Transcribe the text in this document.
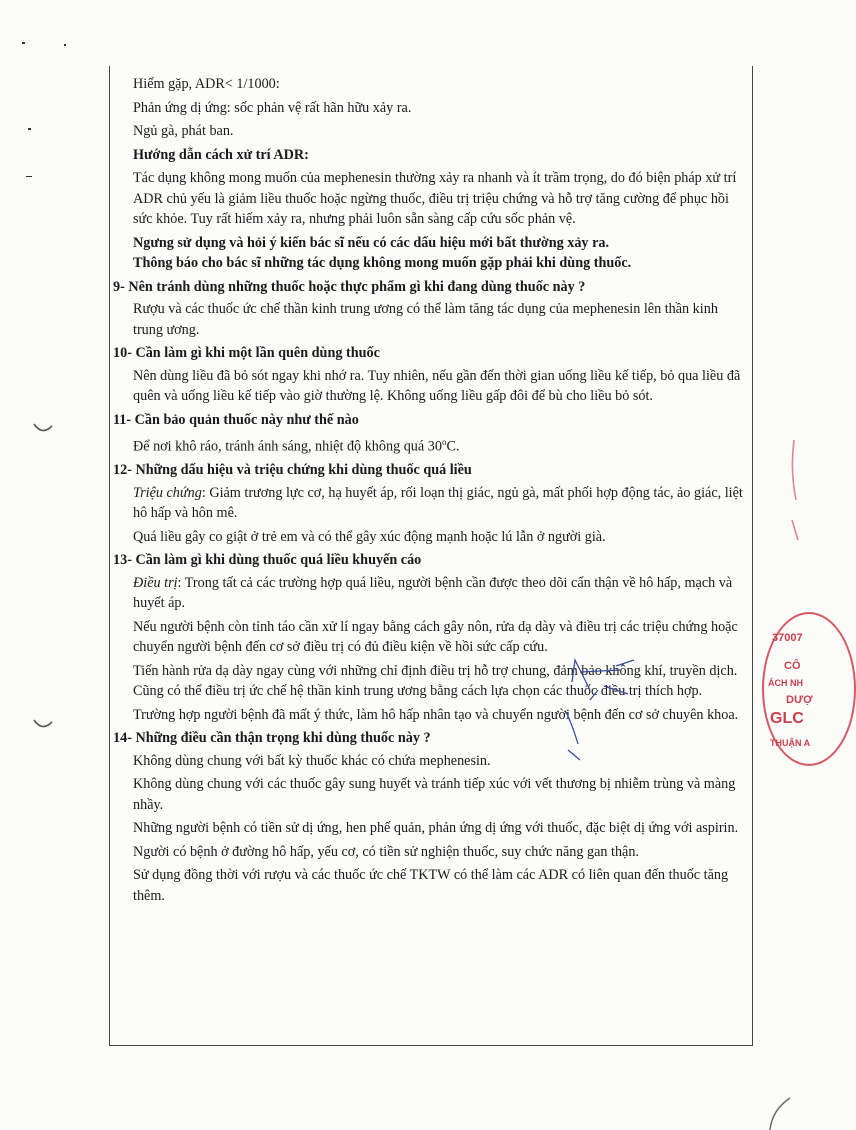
Hiếm gặp, ADR< 1/1000:
Phản ứng dị ứng: sốc phản vệ rất hãn hữu xảy ra.
Ngủ gà, phát ban.
Hướng dẫn cách xử trí ADR:
Tác dụng không mong muốn của mephenesin thường xảy ra nhanh và ít trầm trọng, do đó biện pháp xử trí ADR chủ yếu là giảm liều thuốc hoặc ngừng thuốc, điều trị triệu chứng và hỗ trợ tăng cường để phục hồi sức khỏe. Tuy rất hiếm xảy ra, nhưng phải luôn sẵn sàng cấp cứu sốc phản vệ.
Ngưng sử dụng và hỏi ý kiến bác sĩ nếu có các dấu hiệu mới bất thường xảy ra.
Thông báo cho bác sĩ những tác dụng không mong muốn gặp phải khi dùng thuốc.
9- Nên tránh dùng những thuốc hoặc thực phẩm gì khi đang dùng thuốc này ?
Rượu và các thuốc ức chế thần kinh trung ương có thể làm tăng tác dụng của mephenesin lên thần kinh trung ương.
10- Cần làm gì khi một lần quên dùng thuốc
Nên dùng liều đã bỏ sót ngay khi nhớ ra. Tuy nhiên, nếu gần đến thời gian uống liều kế tiếp, bỏ qua liều đã quên và uống liều kế tiếp vào giờ thường lệ. Không uống liều gấp đôi để bù cho liều bỏ sót.
11- Cần bảo quản thuốc này như thế nào
Để nơi khô ráo, tránh ánh sáng, nhiệt độ không quá 30$^o$C.
12- Những dấu hiệu và triệu chứng khi dùng thuốc quá liều
Triệu chứng: Giảm trương lực cơ, hạ huyết áp, rối loạn thị giác, ngủ gà, mất phối hợp động tác, ảo giác, liệt hô hấp và hôn mê.
Quá liều gây co giật ở trẻ em và có thể gây xúc động mạnh hoặc lú lẫn ở người già.
13- Cần làm gì khi dùng thuốc quá liều khuyến cáo
Điều trị: Trong tất cả các trường hợp quá liều, người bệnh cần được theo dõi cẩn thận về hô hấp, mạch và huyết áp.
Nếu người bệnh còn tỉnh táo cần xử lí ngay bằng cách gây nôn, rửa dạ dày và điều trị các triệu chứng hoặc chuyển người bệnh đến cơ sở điều trị có đủ điều kiện về hồi sức cấp cứu.
Tiến hành rửa dạ dày ngay cùng với những chỉ định điều trị hỗ trợ chung, đảm bảo không khí, truyền dịch. Cũng có thể điều trị ức chế hệ thần kinh trung ương bằng cách lựa chọn các thuốc điều trị thích hợp.
Trường hợp người bệnh đã mất ý thức, làm hô hấp nhân tạo và chuyển người bệnh đến cơ sở chuyên khoa.
14- Những điều cần thận trọng khi dùng thuốc này ?
Không dùng chung với bất kỳ thuốc khác có chứa mephenesin.
Không dùng chung với các thuốc gây sung huyết và tránh tiếp xúc với vết thương bị nhiễm trùng và màng nhầy.
Những người bệnh có tiền sử dị ứng, hen phế quản, phản ứng dị ứng với thuốc, đặc biệt dị ứng với aspirin.
Người có bệnh ở đường hô hấp, yếu cơ, có tiền sử nghiện thuốc, suy chức năng gan thận.
Sử dụng đồng thời với rượu và các thuốc ức chế TKTW có thể làm các ADR có liên quan đến thuốc tăng thêm.
37007
CÔ
ÁCH NH
DƯỢ
GLC
THUẬN A
